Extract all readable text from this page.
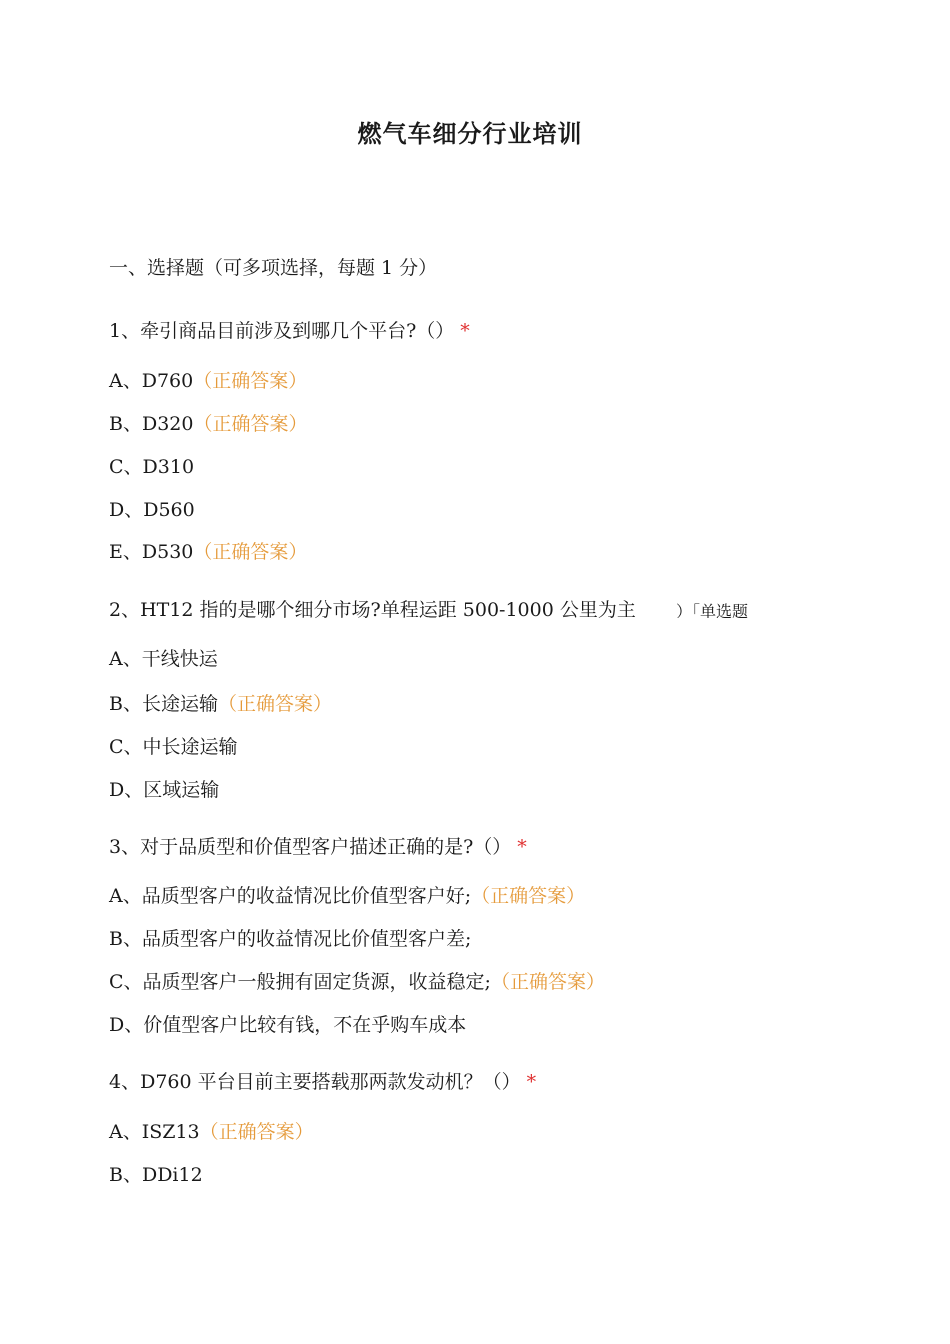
燃气车细分行业培训
一、选择题（可多项选择，每题 1 分）
1、牵引商品目前涉及到哪几个平台?（） *
A、D760（正确答案）
B、D320（正确答案）
C、D310
D、D560
E、D530（正确答案）
2、HT12 指的是哪个细分市场?单程运距 500-1000 公里为主	）「单选题
A、干线快运
B、长途运输（正确答案）
C、中长途运输
D、区域运输
3、对于品质型和价值型客户描述正确的是?（） *
A、品质型客户的收益情况比价值型客户好;（正确答案）
B、品质型客户的收益情况比价值型客户差;
C、品质型客户一般拥有固定货源，收益稳定;（正确答案）
D、价值型客户比较有钱，不在乎购车成本
4、D760 平台目前主要搭载那两款发动机？（） *
A、ISZ13（正确答案）
B、DDi12
